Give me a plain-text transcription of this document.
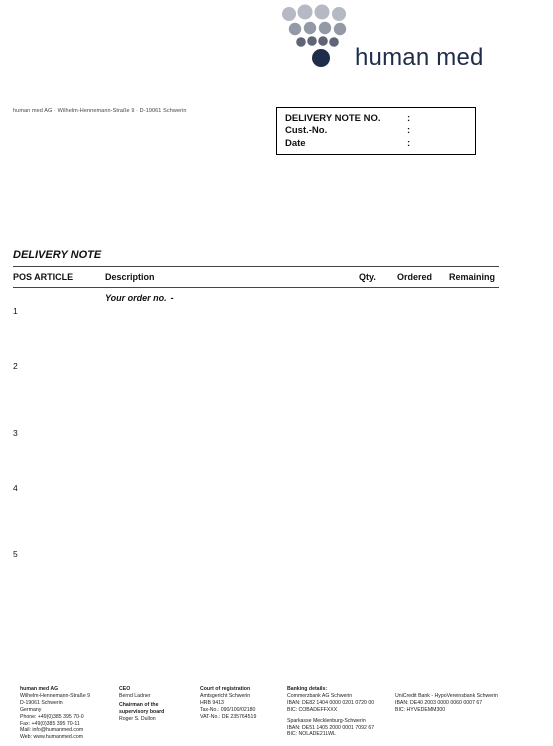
human med
human med AG · Wilhelm-Hennemann-Straße 9 · D-19061 Schwerin
DELIVERY NOTE NO.	:
Cust.-No.	:
Date	:
DELIVERY NOTE
POS ARTICLE	Description	Qty. Ordered Remaining
Your order no. -
1
2
3
4
5
human med AG
Wilhelm-Hennemann-Straße 9
D-19061 Schwerin
Germany
Phone: +49(0)385 395 70-0
Fax: +49(0)385 395 70-11
Mail: info@humanmed.com
Web: www.humanmed.com
CEO
Bernd Ladner
Chairman of the
supervisory board
Roger S. Dullon
Court of registration
Amtsgericht Schwerin
HRB 9413
Tax-No.: 090/100/02180
VAT-No.: DE 235764519
Banking details:
Commerzbank AG Schwerin
IBAN: DE82 1404 0000 0201 0720 00
BIC: COBADEFFXXX
Sparkasse Mecklenburg-Schwerin
IBAN: DE51 1405 2000 0001 7092 67
BIC: NOLADE21LWL
UniCredit Bank - HypoVereinsbank Schwerin
IBAN: DE40 2003 0000 0060 0007 67
BIC: HYVEDEMM300
